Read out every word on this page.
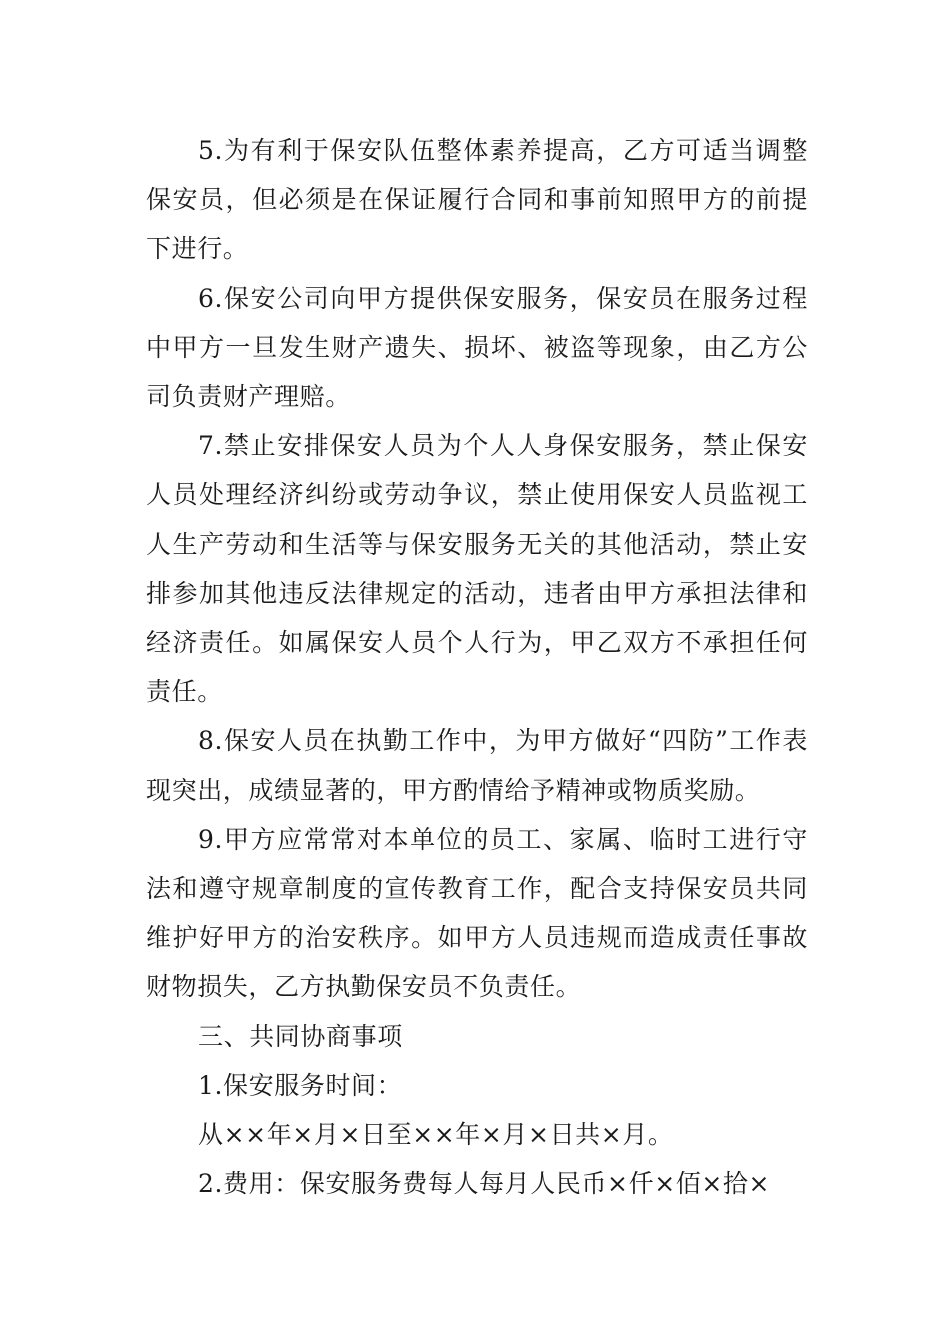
5.为有利于保安队伍整体素养提高，乙方可适当调整保安员，但必须是在保证履行合同和事前知照甲方的前提下进行。

6.保安公司向甲方提供保安服务，保安员在服务过程中甲方一旦发生财产遗失、损坏、被盗等现象，由乙方公司负责财产理赔。

7.禁止安排保安人员为个人人身保安服务，禁止保安人员处理经济纠纷或劳动争议，禁止使用保安人员监视工人生产劳动和生活等与保安服务无关的其他活动，禁止安排参加其他违反法律规定的活动，违者由甲方承担法律和经济责任。如属保安人员个人行为，甲乙双方不承担任何责任。

8.保安人员在执勤工作中，为甲方做好“四防”工作表现突出，成绩显著的，甲方酌情给予精神或物质奖励。

9.甲方应常常对本单位的员工、家属、临时工进行守法和遵守规章制度的宣传教育工作，配合支持保安员共同维护好甲方的治安秩序。如甲方人员违规而造成责任事故财物损失，乙方执勤保安员不负责任。

三、共同协商事项

1.保安服务时间：

从××年×月×日至××年×月×日共×月。

2.费用：保安服务费每人每月人民币×仟×佰×拾×
